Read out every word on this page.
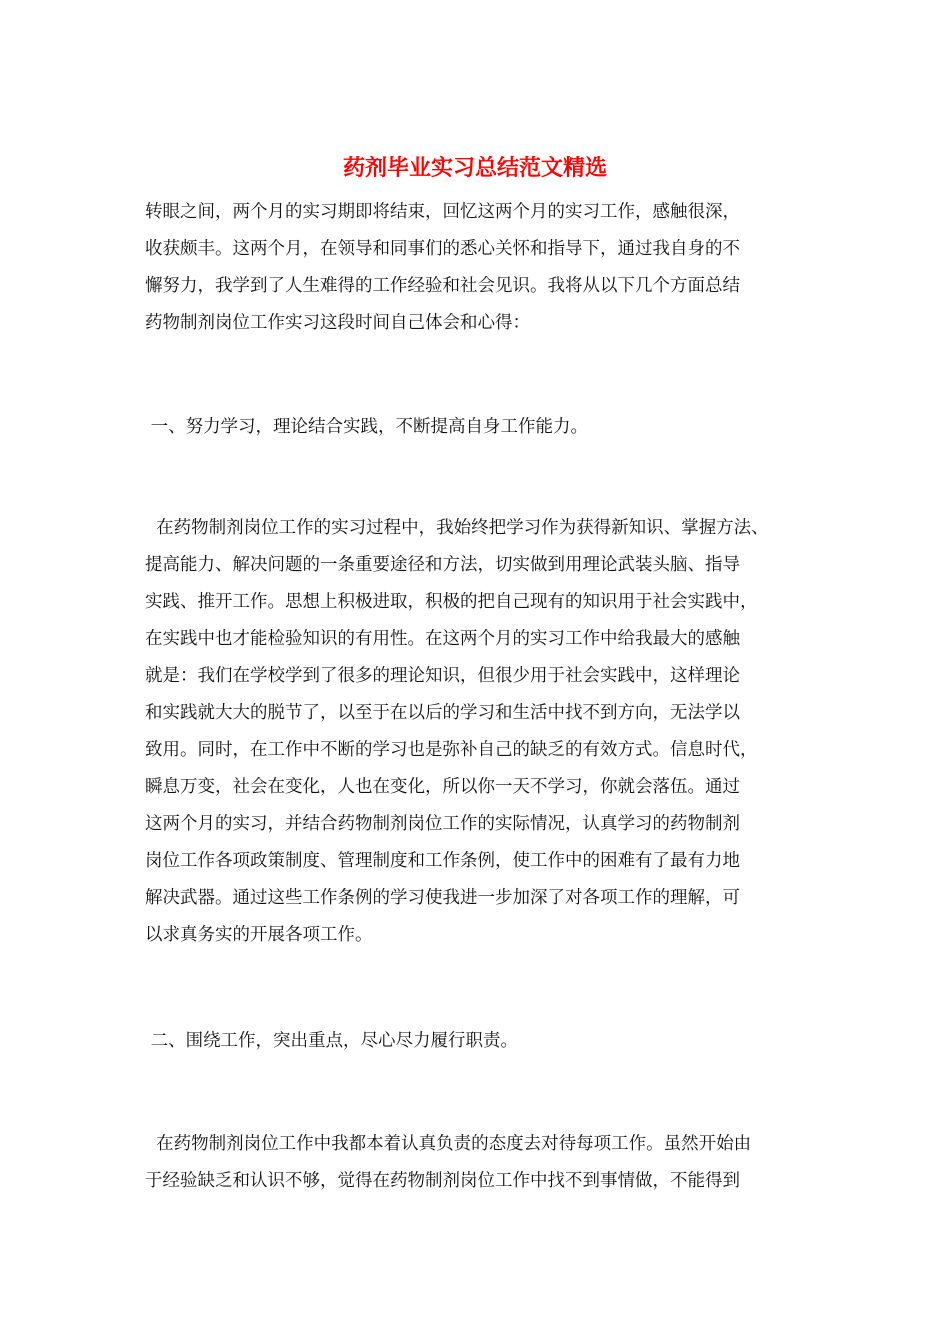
药剂毕业实习总结范文精选
转眼之间，两个月的实习期即将结束，回忆这两个月的实习工作，感触很深，
收获颇丰。这两个月，在领导和同事们的悉心关怀和指导下，通过我自身的不
懈努力，我学到了人生难得的工作经验和社会见识。我将从以下几个方面总结
药物制剂岗位工作实习这段时间自己体会和心得：
一、努力学习，理论结合实践，不断提高自身工作能力。
在药物制剂岗位工作的实习过程中，我始终把学习作为获得新知识、掌握方法、
提高能力、解决问题的一条重要途径和方法，切实做到用理论武装头脑、指导
实践、推开工作。思想上积极进取，积极的把自己现有的知识用于社会实践中，
在实践中也才能检验知识的有用性。在这两个月的实习工作中给我最大的感触
就是：我们在学校学到了很多的理论知识，但很少用于社会实践中，这样理论
和实践就大大的脱节了，以至于在以后的学习和生活中找不到方向，无法学以
致用。同时，在工作中不断的学习也是弥补自己的缺乏的有效方式。信息时代，
瞬息万变，社会在变化，人也在变化，所以你一天不学习，你就会落伍。通过
这两个月的实习，并结合药物制剂岗位工作的实际情况，认真学习的药物制剂
岗位工作各项政策制度、管理制度和工作条例，使工作中的困难有了最有力地
解决武器。通过这些工作条例的学习使我进一步加深了对各项工作的理解，可
以求真务实的开展各项工作。
二、围绕工作，突出重点，尽心尽力履行职责。
在药物制剂岗位工作中我都本着认真负责的态度去对待每项工作。虽然开始由
于经验缺乏和认识不够，觉得在药物制剂岗位工作中找不到事情做，不能得到
